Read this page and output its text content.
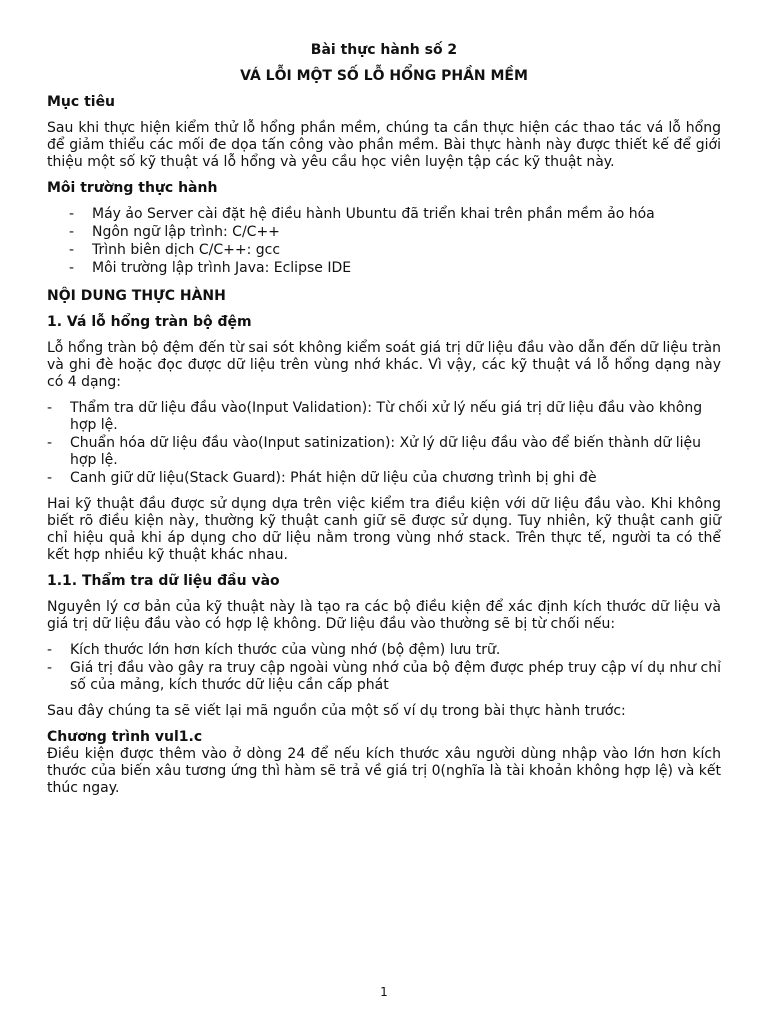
Bài thực hành số 2

VÁ LỖI MỘT SỐ LỖ HỔNG PHẦN MỀM

Mục tiêu

Sau khi thực hiện kiểm thử lỗ hổng phần mềm, chúng ta cần thực hiện các thao tác vá lỗ hổng để giảm thiểu các mối đe dọa tấn công vào phần mềm. Bài thực hành này được thiết kế để giới thiệu một số kỹ thuật vá lỗ hổng và yêu cầu học viên luyện tập các kỹ thuật này.

Môi trường thực hành
- Máy ảo Server cài đặt hệ điều hành Ubuntu đã triển khai trên phần mềm ảo hóa
- Ngôn ngữ lập trình: C/C++
- Trình biên dịch C/C++: gcc
- Môi trường lập trình Java: Eclipse IDE
NỘI DUNG THỰC HÀNH
1. Vá lỗ hổng tràn bộ đệm

Lỗ hổng tràn bộ đệm đến từ sai sót không kiểm soát giá trị dữ liệu đầu vào dẫn đến dữ liệu tràn và ghi đè hoặc đọc được dữ liệu trên vùng nhớ khác. Vì vậy, các kỹ thuật vá lỗ hổng dạng này có 4 dạng:

- Thẩm tra dữ liệu đầu vào(Input Validation): Từ chối xử lý nếu giá trị dữ liệu đầu vào không hợp lệ.
- Chuẩn hóa dữ liệu đầu vào(Input satinization): Xử lý dữ liệu đầu vào để biến thành dữ liệu hợp lệ.
- Canh giữ dữ liệu(Stack Guard): Phát hiện dữ liệu của chương trình bị ghi đè

Hai kỹ thuật đầu được sử dụng dựa trên việc kiểm tra điều kiện với dữ liệu đầu vào. Khi không biết rõ điều kiện này, thường kỹ thuật canh giữ sẽ được sử dụng. Tuy nhiên, kỹ thuật canh giữ chỉ hiệu quả khi áp dụng cho dữ liệu nằm trong vùng nhớ stack. Trên thực tế, người ta có thể kết hợp nhiều kỹ thuật khác nhau.

1.1. Thẩm tra dữ liệu đầu vào

Nguyên lý cơ bản của kỹ thuật này là tạo ra các bộ điều kiện để xác định kích thước dữ liệu và giá trị dữ liệu đầu vào có hợp lệ không. Dữ liệu đầu vào thường sẽ bị từ chối nếu:

- Kích thước lớn hơn kích thước của vùng nhớ (bộ đệm) lưu trữ.
- Giá trị đầu vào gây ra truy cập ngoài vùng nhớ của bộ đệm được phép truy cập ví dụ như chỉ số của mảng, kích thước dữ liệu cần cấp phát

Sau đây chúng ta sẽ viết lại mã nguồn của một số ví dụ trong bài thực hành trước:

Chương trình vul1.c

Điều kiện được thêm vào ở dòng 24 để nếu kích thước xâu người dùng nhập vào lớn hơn kích thước của biến xâu tương ứng thì hàm sẽ trả về giá trị 0(nghĩa là tài khoản không hợp lệ) và kết thúc ngay.

1
